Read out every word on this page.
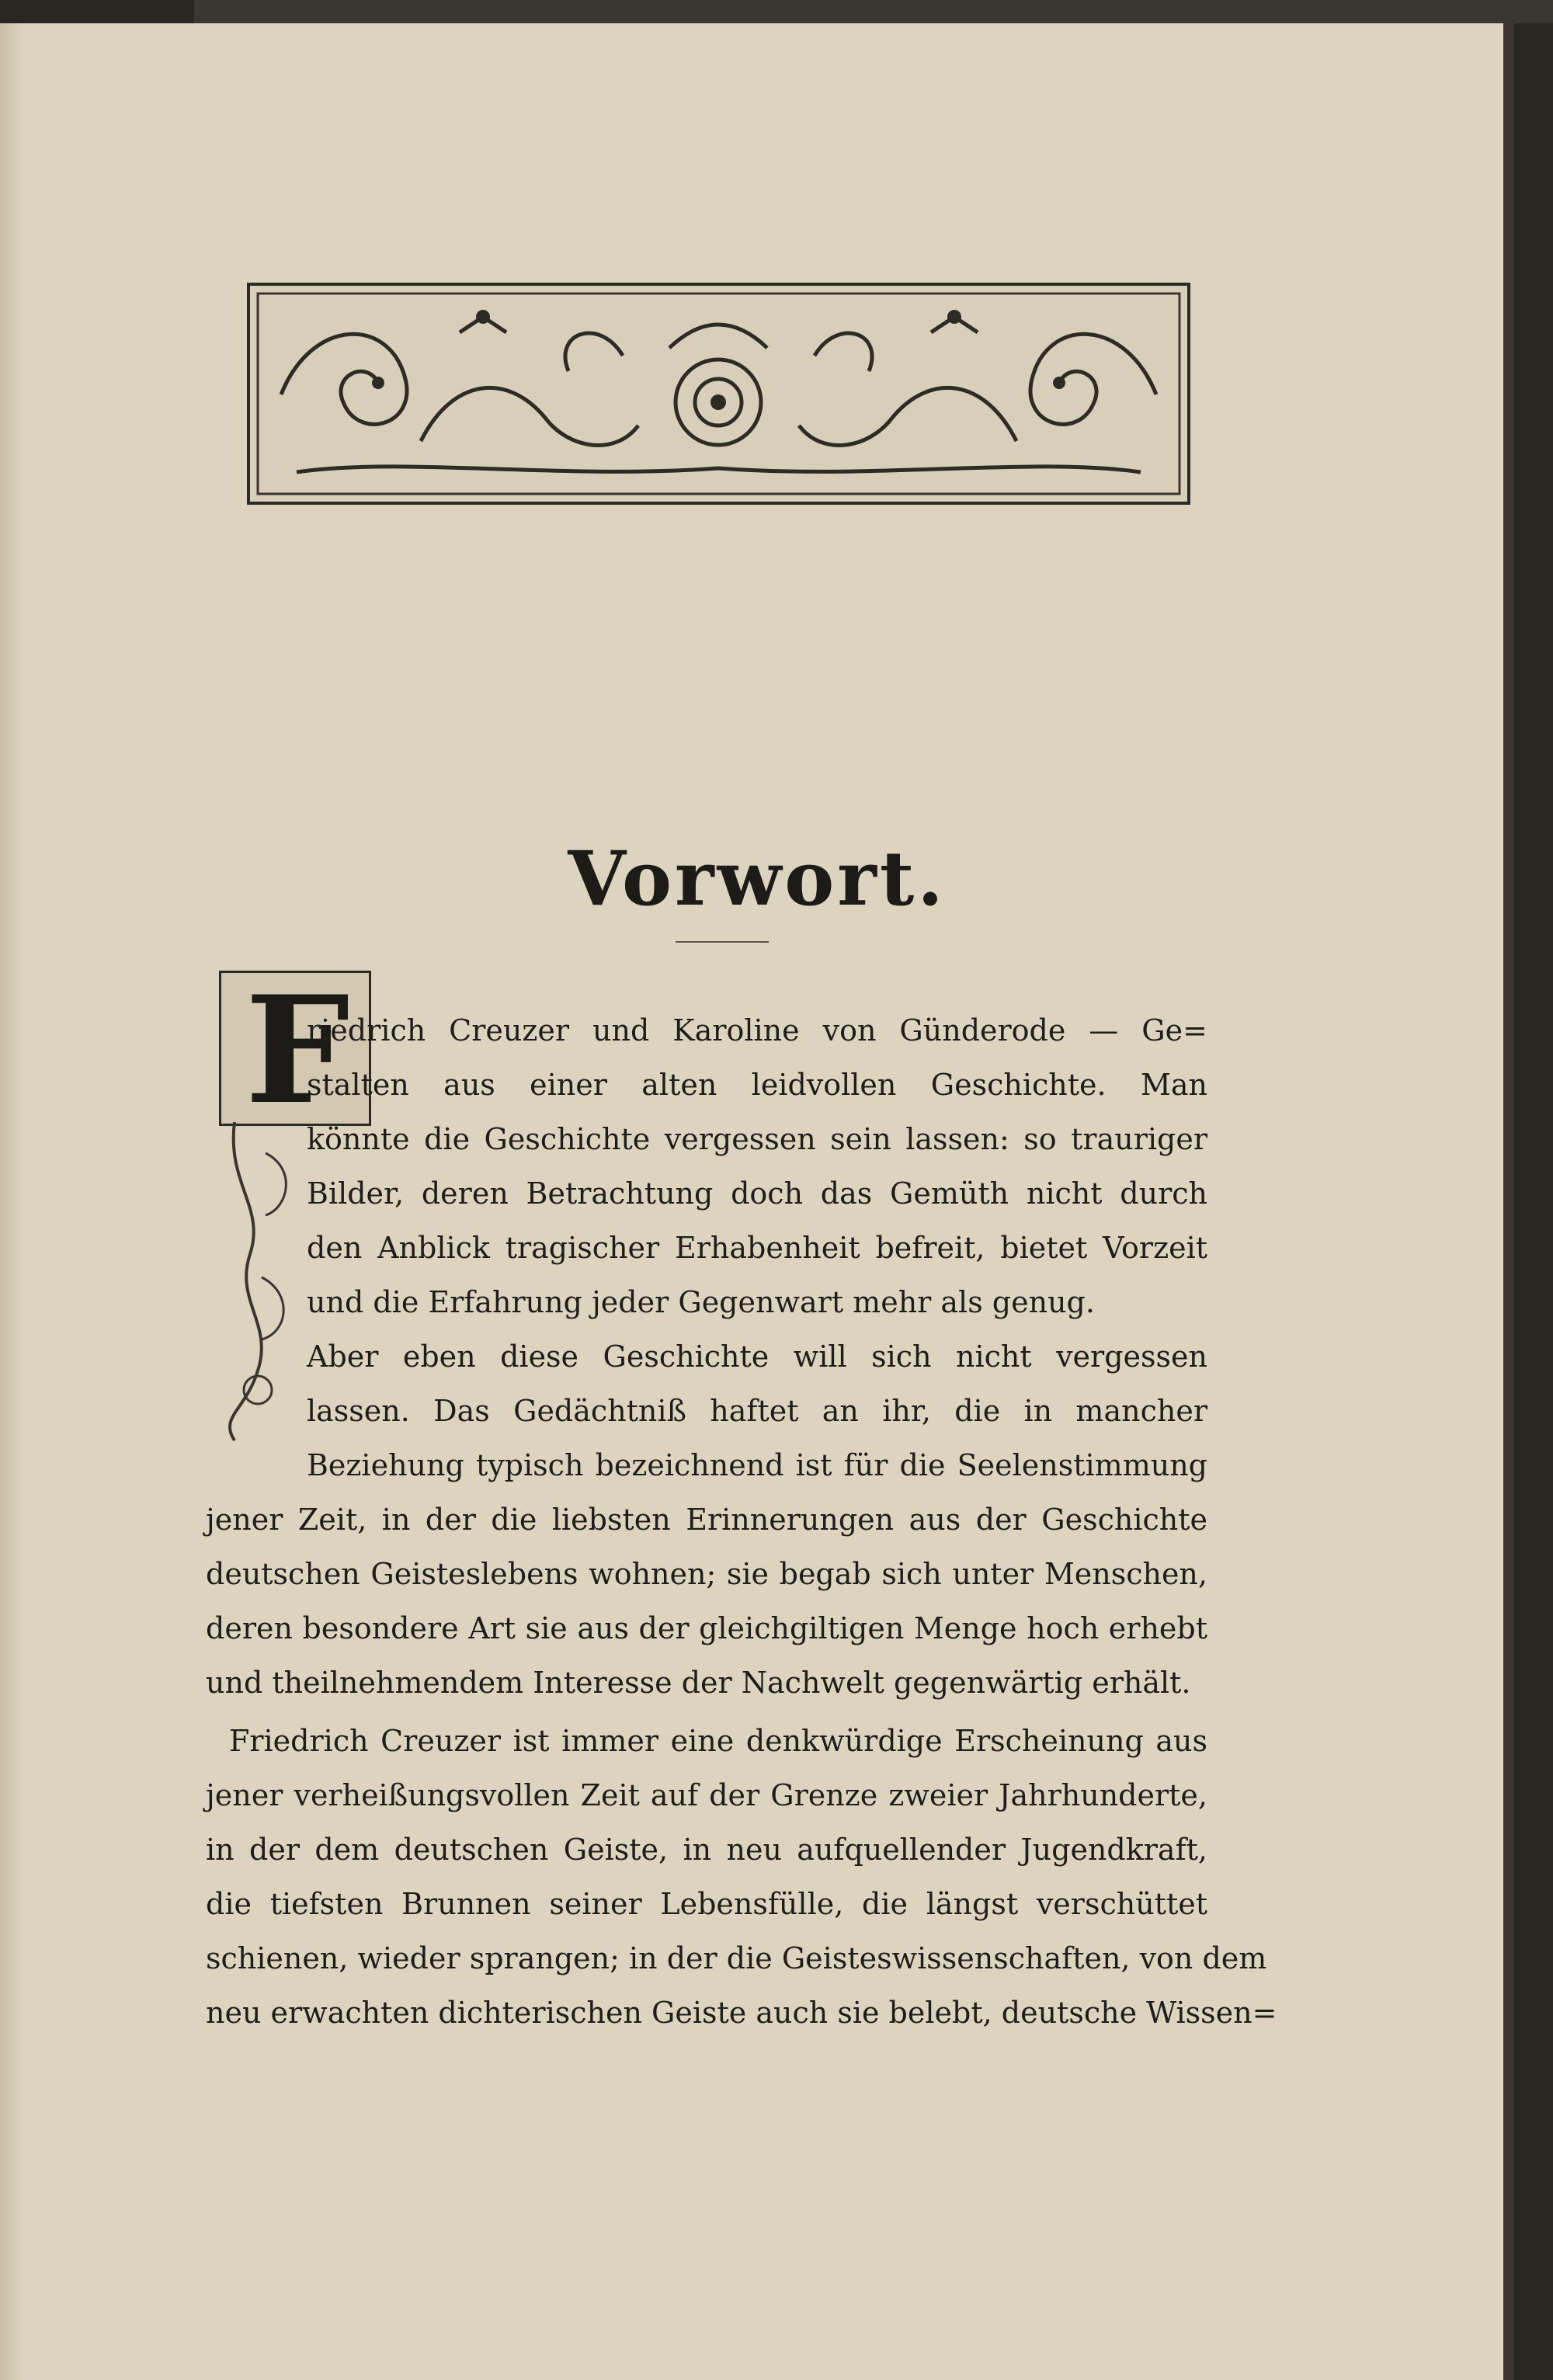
Vorwort.
F
riedrich Creuzer und Karoline von Günderode — Ge=
stalten aus einer alten leidvollen Geschichte. Man
könnte die Geschichte vergessen sein lassen: so trauriger
Bilder, deren Betrachtung doch das Gemüth nicht durch
den Anblick tragischer Erhabenheit befreit, bietet Vorzeit
und die Erfahrung jeder Gegenwart mehr als genug.
Aber eben diese Geschichte will sich nicht vergessen
lassen. Das Gedächtniß haftet an ihr, die in mancher
Beziehung typisch bezeichnend ist für die Seelenstimmung
jener Zeit, in der die liebsten Erinnerungen aus der Geschichte
deutschen Geisteslebens wohnen; sie begab sich unter Menschen,
deren besondere Art sie aus der gleichgiltigen Menge hoch erhebt
und theilnehmendem Interesse der Nachwelt gegenwärtig erhält.
Friedrich Creuzer ist immer eine denkwürdige Erscheinung aus
jener verheißungsvollen Zeit auf der Grenze zweier Jahrhunderte,
in der dem deutschen Geiste, in neu aufquellender Jugendkraft,
die tiefsten Brunnen seiner Lebensfülle, die längst verschüttet
schienen, wieder sprangen; in der die Geisteswissenschaften, von dem
neu erwachten dichterischen Geiste auch sie belebt, deutsche Wissen=
